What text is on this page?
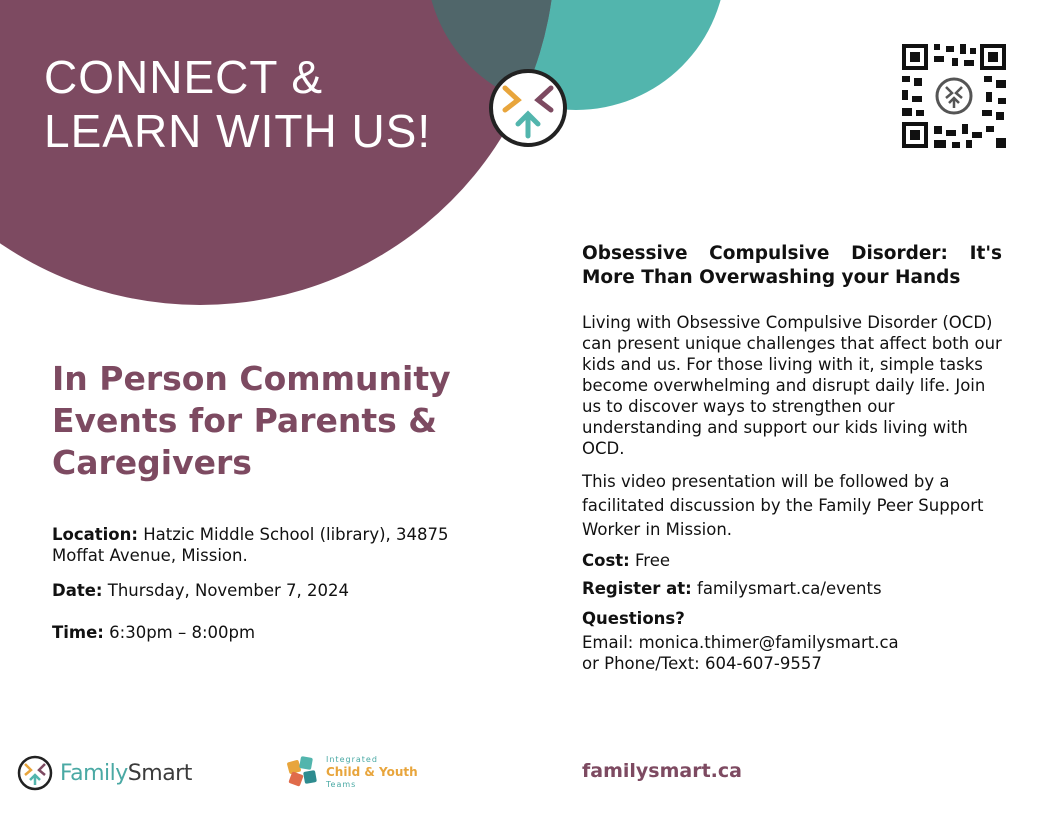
CONNECT & LEARN WITH US!
In Person Community Events for Parents & Caregivers
Location: Hatzic Middle School (library), 34875 Moffat Avenue, Mission.
Date: Thursday, November 7, 2024
Time: 6:30pm – 8:00pm
Obsessive Compulsive Disorder: It's More Than Overwashing your Hands
Living with Obsessive Compulsive Disorder (OCD) can present unique challenges that affect both our kids and us. For those living with it, simple tasks become overwhelming and disrupt daily life. Join us to discover ways to strengthen our understanding and support our kids living with OCD.
This video presentation will be followed by a facilitated discussion by the Family Peer Support Worker in Mission.
Cost: Free
Register at: familysmart.ca/events
Questions?
Email: monica.thimer@familysmart.ca
or Phone/Text: 604-607-9557
FamilySmart
Integrated
Child & Youth
Teams
familysmart.ca
